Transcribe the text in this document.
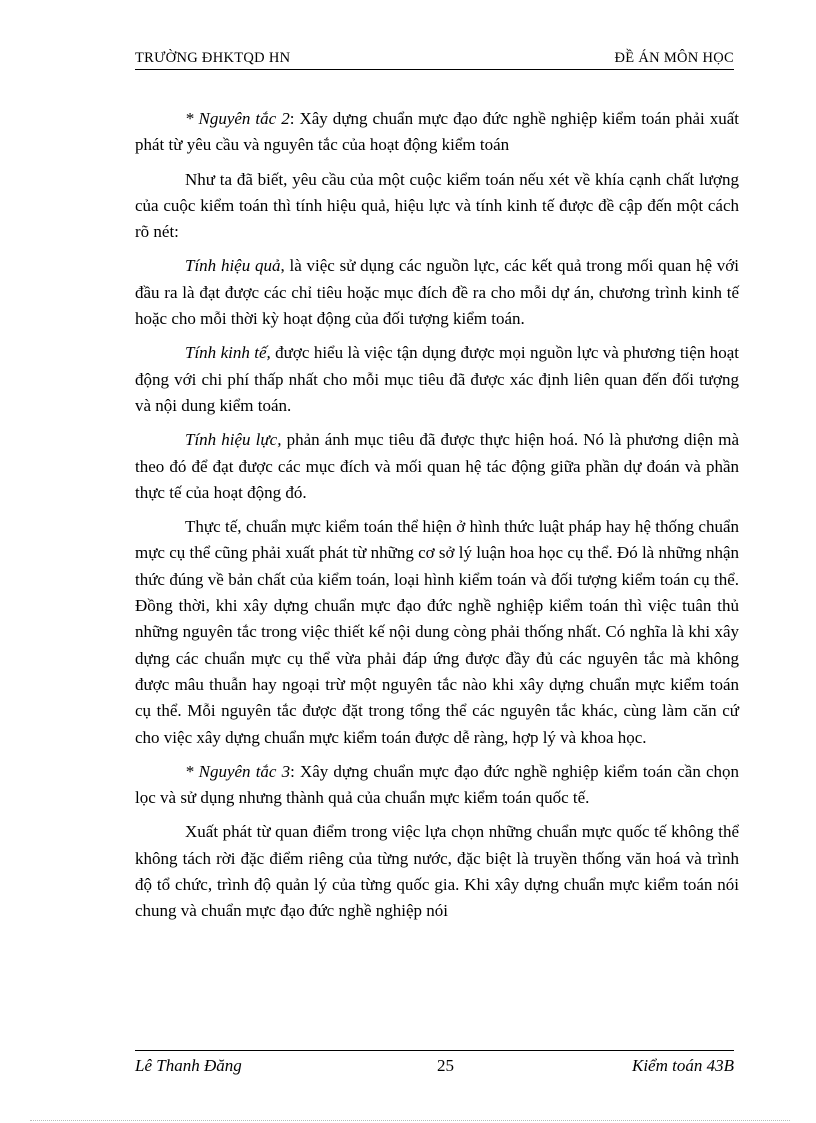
TRƯỜNG ĐHKTQD HN	ĐỀ ÁN MÔN HỌC

* Nguyên tắc 2: Xây dựng chuẩn mực đạo đức nghề nghiệp kiểm toán phải xuất phát từ yêu cầu và nguyên tắc của hoạt động kiểm toán

Như ta đã biết, yêu cầu của một cuộc kiểm toán nếu xét về khía cạnh chất lượng của cuộc kiểm toán thì tính hiệu quả, hiệu lực và tính kinh tế được đề cập đến một cách rõ nét:

Tính hiệu quả, là việc sử dụng các nguồn lực, các kết quả trong mối quan hệ với đầu ra là đạt được các chỉ tiêu hoặc mục đích đề ra cho mỗi dự án, chương trình kinh tế hoặc cho mỗi thời kỳ hoạt động của đối tượng kiểm toán.

Tính kinh tế, được hiểu là việc tận dụng được mọi nguồn lực và phương tiện hoạt động với chi phí thấp nhất cho mỗi mục tiêu đã được xác định liên quan đến đối tượng và nội dung kiểm toán.

Tính hiệu lực, phản ánh mục tiêu đã được thực hiện hoá. Nó là phương diện mà theo đó để đạt được các mục đích và mối quan hệ tác động giữa phần dự đoán và phần thực tế của hoạt động đó.

Thực tế, chuẩn mực kiểm toán thể hiện ở hình thức luật pháp hay hệ thống chuẩn mực cụ thể cũng phải xuất phát từ những cơ sở lý luận hoa học cụ thể. Đó là những nhận thức đúng về bản chất của kiểm toán, loại hình kiểm toán và đối tượng kiểm toán cụ thể. Đồng thời, khi xây dựng chuẩn mực đạo đức nghề nghiệp kiểm toán thì việc tuân thủ những nguyên tắc trong việc thiết kế nội dung còng phải thống nhất. Có nghĩa là khi xây dựng các chuẩn mực cụ thể vừa phải đáp ứng được đầy đủ các nguyên tắc mà không được mâu thuẫn hay ngoại trừ một nguyên tắc nào khi xây dựng chuẩn mực kiểm toán cụ thể. Mỗi nguyên tắc được đặt trong tổng thể các nguyên tắc khác, cùng làm căn cứ cho việc xây dựng chuẩn mực kiểm toán được dễ ràng, hợp lý và khoa học.

* Nguyên tắc 3: Xây dựng chuẩn mực đạo đức nghề nghiệp kiểm toán cần chọn lọc và sử dụng nhưng thành quả của chuẩn mực kiểm toán quốc tế.

Xuất phát từ quan điểm trong việc lựa chọn những chuẩn mực quốc tế không thể không tách rời đặc điểm riêng của từng nước, đặc biệt là truyền thống văn hoá và trình độ tổ chức, trình độ quản lý của từng quốc gia. Khi xây dựng chuẩn mực kiểm toán nói chung và chuẩn mực đạo đức nghề nghiệp nói

Lê Thanh Đăng	25	Kiểm toán 43B
